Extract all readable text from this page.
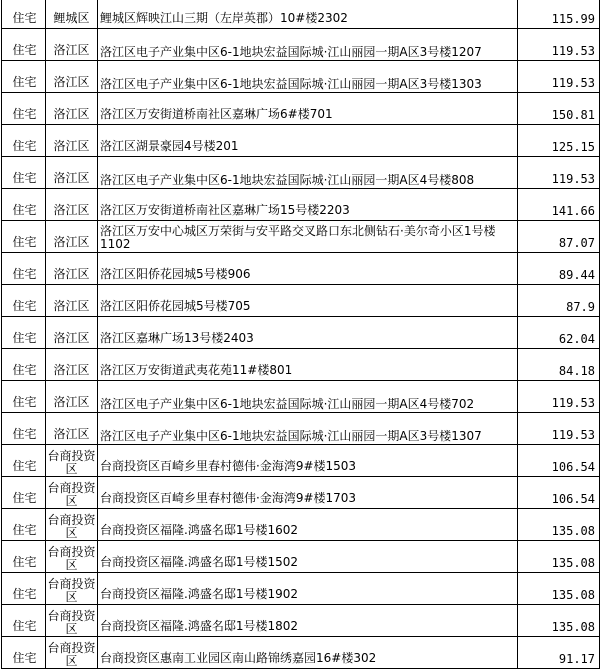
住宅	鲤城区	鲤城区辉映江山三期（左岸英郡）10#楼2302	115.99
住宅	洛江区	洛江区电子产业集中区6-1地块宏益国际城·江山丽园一期A区3号楼1207	119.53
住宅	洛江区	洛江区电子产业集中区6-1地块宏益国际城·江山丽园一期A区3号楼1303	119.53
住宅	洛江区	洛江区万安街道桥南社区嘉琳广场6#楼701	150.81
住宅	洛江区	洛江区湖景豪园4号楼201	125.15
住宅	洛江区	洛江区电子产业集中区6-1地块宏益国际城·江山丽园一期A区4号楼808	119.53
住宅	洛江区	洛江区万安街道桥南社区嘉琳广场15号楼2203	141.66
住宅	洛江区	洛江区万安中心城区万荣街与安平路交叉路口东北侧钻石·美尔奇小区1号楼1102	87.07
住宅	洛江区	洛江区阳侨花园城5号楼906	89.44
住宅	洛江区	洛江区阳侨花园城5号楼705	87.9
住宅	洛江区	洛江区嘉琳广场13号楼2403	62.04
住宅	洛江区	洛江区万安街道武夷花苑11#楼801	84.18
住宅	洛江区	洛江区电子产业集中区6-1地块宏益国际城·江山丽园一期A区4号楼702	119.53
住宅	洛江区	洛江区电子产业集中区6-1地块宏益国际城·江山丽园一期A区3号楼1307	119.53
住宅	台商投资区	台商投资区百崎乡里春村德伟·金海湾9#楼1503	106.54
住宅	台商投资区	台商投资区百崎乡里春村德伟·金海湾9#楼1703	106.54
住宅	台商投资区	台商投资区福隆.鸿盛名邸1号楼1602	135.08
住宅	台商投资区	台商投资区福隆.鸿盛名邸1号楼1502	135.08
住宅	台商投资区	台商投资区福隆.鸿盛名邸1号楼1902	135.08
住宅	台商投资区	台商投资区福隆.鸿盛名邸1号楼1802	135.08
住宅	台商投资区	台商投资区惠南工业园区南山路锦绣嘉园16#楼302	91.17
